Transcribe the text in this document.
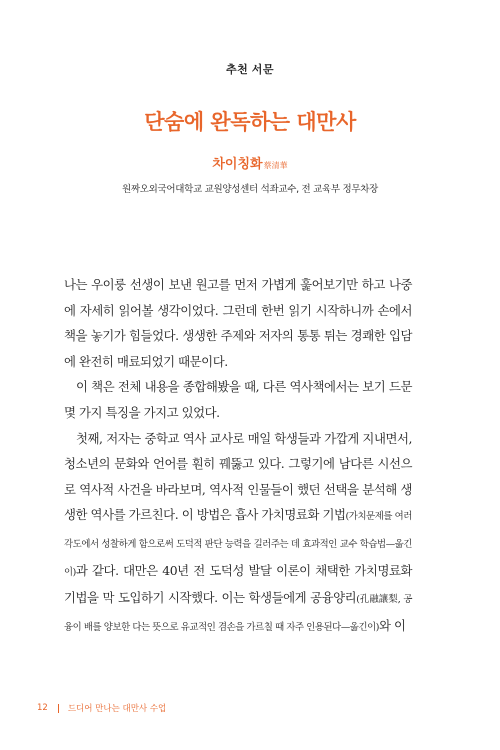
추천 서문
단숨에 완독하는 대만사
차이칭화蔡清華
원짜오외국어대학교 교원양성센터 석좌교수, 전 교육부 정무차장

나는 우이룽 선생이 보낸 원고를 먼저 가볍게 훑어보기만 하고 나중에 자세히 읽어볼 생각이었다. 그런데 한번 읽기 시작하니까 손에서 책을 놓기가 힘들었다. 생생한 주제와 저자의 통통 튀는 경쾌한 입담에 완전히 매료되었기 때문이다.

이 책은 전체 내용을 종합해봤을 때, 다른 역사책에서는 보기 드문 몇 가지 특징을 가지고 있었다.

첫째, 저자는 중학교 역사 교사로 매일 학생들과 가깝게 지내면서, 청소년의 문화와 언어를 훤히 꿰뚫고 있다. 그렇기에 남다른 시선으로 역사적 사건을 바라보며, 역사적 인물들이 했던 선택을 분석해 생생한 역사를 가르친다. 이 방법은 흡사 가치명료화 기법(가치문제를 여러 각도에서 성찰하게 함으로써 도덕적 판단 능력을 길러주는 데 효과적인 교수 학습법—옮긴이)과 같다. 대만은 40년 전 도덕성 발달 이론이 채택한 가치명료화 기법을 막 도입하기 시작했다. 이는 학생들에게 공융양리(孔融讓梨, 공융이 배를 양보한 다는 뜻으로 유교적인 겸손을 가르칠 때 자주 인용된다—옮긴이)와 이

12 드디어 만나는 대만사 수업
